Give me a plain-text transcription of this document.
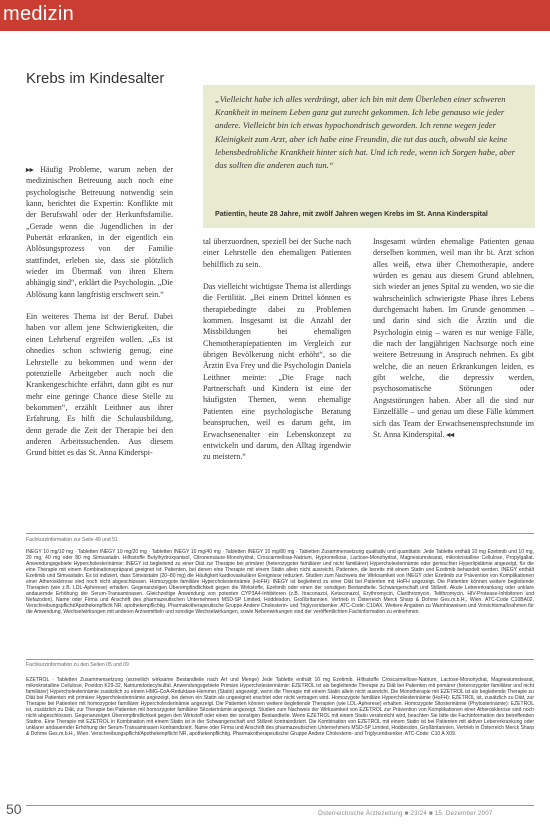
medizin
Krebs im Kindesalter
„Vielleicht habe ich alles verdrängt, aber ich bin mit dem Überleben einer schweren Krankheit in meinem Leben ganz gut zurecht gekommen. Ich lebe genauso wie jeder andere. Vielleicht bin ich etwas hypochondrisch geworden. Ich renne wegen jeder Kleinigkeit zum Arzt, aber ich habe eine Freundin, die tut das auch, obwohl sie keine lebensbedrohliche Krankheit hinter sich hat. Und ich rede, wenn ich Sorgen habe, aber das sollten die anderen auch tun.“
Patientin, heute 28 Jahre, mit zwölf Jahren wegen Krebs im St. Anna Kinderspital

▸▸ Häufig Probleme, warum neben der medizinischen Betreuung auch noch eine psychologische Betreuung notwendig sein kann, berichtet die Expertin: Konflikte mit der Berufswahl oder der Herkunftsfamilie. „Gerade wenn die Jugendlichen in der Pubertät erkranken, in der eigentlich ein Ablösungsprozess von der Familie stattfindet, erleben sie, dass sie plötzlich wieder im Übermaß von ihren Eltern abhängig sind“, erklärt die Psychologin. „Die Ablösung kann langfristig erschwert sein.“

Ein weiteres Thema ist der Beruf. Dabei haben vor allem jene Schwierigkeiten, die einen Lehrberuf ergreifen wollen. „Es ist ohnedies schon schwierig genug, eine Lehrstelle zu bekommen und wenn der potenzielle Arbeitgeber auch noch die Krankengeschichte erfährt, dann gibt es nur mehr eine geringe Chance diese Stelle zu bekommen“, erzählt Leithner aus ihrer Erfahrung. Es hilft die Schulausbildung, denn gerade die Zeit der Therapie bei den anderen Arbeitssuchenden. Aus diesem Grund bittet es das St. Anna Kinderspi-

tal überzuordnen, speziell bei der Suche nach einer Lehrstelle den ehemaligen Patienten behilflich zu sein.

Das vielleicht wichtigste Thema ist allerdings die Fertilität. „Bei einem Drittel können es therapiebedingte dabei zu Problemen kommen. Insgesamt ist die Anzahl der Missbildungen bei ehemaligen Chemotherapiepatienten im Vergleich zur übrigen Bevölkerung nicht erhöht“, so die Ärztin Eva Frey und die Psychologin Daniela Leithner meinte: „Die Frage nach Partnerschaft und Kindern ist eine der häufigsten Themen, wenn ehemalige Patienten eine psychologische Beratung beanspruchen, weil es darum geht, im Erwachsenenalter ein Lebenskonzept zu entwickeln und darum, den Alltag irgendwie zu meistern.“

Insgesamt würden ehemalige Patienten genau derselben kommen, weil man ihr bi. Arzt schon alles weiß, etwa über Chemotherapie, andere würden es genau aus diesem Grund ablehnen, sich wieder an jenes Spital zu wenden, wo sie die wahrscheinlich schwierigste Phase ihres Lebens durchgemacht haben. Im Grunde genommen – und darin sind sich die Ärztin und die Psychologin einig – waren es nur wenige Fälle, die nach der langjährigen Nachsorge noch eine weitere Betreuung in Anspruch nehmen. Es gibt welche, die an neuen Erkrankungen leiden, es gibt welche, die depressiv werden, psychosomatische Störungen oder Angststörungen haben. Aber all die sind nur Einzelfälle – und genau um diese Fälle kümmert sich das Team der Erwachsenensprechstunde im St. Anna Kinderspital. ◂◂

Fachkurzinformation zur Seite 49 und 51
INEGY 10 mg/10 mg · Tabletten INEGY 10 mg/20 mg · Tabletten INEGY 10 mg/40 mg · Tabletten INEGY 10 mg/80 mg · Tabletten Zusammensetzung qualitativ und quantitativ: Jede Tablette enthält 10 mg Ezetimib und 10 mg, 20 mg, 40 mg oder 80 mg Simvastatin. Hilfsstoffe Butylhydroxyanisol, Citronensäure-Monohydrat, Croscarmellose-Natrium, Hypromellose, Lactose-Monohydrat, Magnesiumstearat, mikrokristalline Cellulose, Propylgallat. Anwendungsgebiete Hypercholesterinämie: INEGY ist begleitend zu einer Diät zur Therapie bei primärer (heterozygoter familiärer und nicht familiärer) Hypercholesterinämie oder gemischter Hyperlipidämie angezeigt, für die eine Therapie mit einem Kombinationspräparat geeignet ist: Patienten, bei denen eine Therapie mit einem Statin allein nicht ausreicht, Patienten, die bereits mit einem Statin und Ezetimib behandelt werden. INEGY enthält Ezetimib und Simvastatin. Es ist indiziert, dass Simvastatin (20–80 mg) die Häufigkeit kardiovaskulärer Ereignisse reduziert. Studien zum Nachweis der Wirksamkeit von INEGY oder Ezetimib zur Prävention von Komplikationen einer Atherosklerose sind noch nicht abgeschlossen. Homozygote familiäre Hypercholesterinämie (HoFH): INEGY ist begleitend zu einer Diät bei Patienten mit HoFH angezeigt. Die Patienten können weitere begleitende Therapien (wie z.B. LDL-Apherese) erhalten. Gegenanzeigen Überempfindlichkeit gegen die Wirkstoffe, Ezetimib oder einen der sonstigen Bestandteile. Schwangerschaft und Stillzeit. Akute Lebererkrankung oder unklare andauernde Erhöhung der Serum-Transaminasen. Gleichzeitige Anwendung von potenten CYP3A4-Inhibitoren (z.B. Itraconazol, Ketoconazol, Erythromycin, Clarithromycin, Telithromycin, HIV-Protease-Inhibitoren und Nefazodon). Name oder Firma und Anschrift des pharmazeutischen Unternehmers MSD-SP Limited, Hoddesdon, Großbritannien. Vertrieb in Österreich Merck Sharp & Dohme Ges.m.b.H., Wien. ATC-Code C10BA02. Verschreibungspflicht/Apothekenpflicht NR, apothekenpflichtig. Pharmakotherapeutische Gruppe Andere Cholesterin- und Triglyceridsenker. ATC-Code: C10AX. Weitere Angaben zu Warnhinweisen und Vorsichtsmaßnahmen für die Anwendung, Wechselwirkungen mit anderen Arzneimitteln und sonstige Wechselwirkungen, sowie Nebenwirkungen sind der veröffentlichten Fachinformation zu entnehmen.
Fachkurzinformation zu den Seiten 05 und 09
EZETROL · Tabletten Zusammensetzung (arzneilich wirksame Bestandteile nach Art und Menge) Jede Tablette enthält 10 mg Ezetimib. Hilfsstoffe Croscarmellose-Natrium, Lactose-Monohydrat, Magnesiumstearat, mikrokristalline Cellulose, Povidon K29-32, Natriumdodecylsulfat. Anwendungsgebiete Primäre Hypercholesterinämie: EZETROL ist als begleitende Therapie zu Diät bei Patienten mit primärer (heterozygoter familiärer und nicht familiärer) Hypercholesterinämie zusätzlich zu einem HMG-CoA-Reduktase-Hemmer (Statin) angezeigt, wenn die Therapie mit einem Statin allein nicht ausreicht. Die Monotherapie mit EZETROL ist als begleitende Therapie zu Diät bei Patienten mit primärer Hypercholesterinämie angezeigt, bei denen ein Statin als ungeeignet erachtet oder nicht vertragen wird. Homozygote familiäre Hypercholesterinämie (HoFH): EZETROL ist, zusätzlich zu Diät, zur Therapie bei Patienten mit homozygoter familiärer Hypercholesterinämie angezeigt. Die Patienten können weitere begleitende Therapien (wie LDL-Apherese) erhalten. Homozygote Sitosterinämie (Phytosterinämie): EZETROL ist, zusätzlich zu Diät, zur Therapie bei Patienten mit homozygoter familiärer Sitosterinämie angezeigt. Studien zum Nachweis der Wirksamkeit von EZETROL zur Prävention von Komplikationen einer Atherosklerose sind noch nicht abgeschlossen. Gegenanzeigen Überempfindlichkeit gegen den Wirkstoff oder einen der sonstigen Bestandteile. Wenn EZETROL mit einem Statin verabreicht wird, beachten Sie bitte die Fachinformation des betreffenden Statins. Eine Therapie mit EZETROL in Kombination mit einem Statin ist in der Schwangerschaft und Stillzeit kontraindiziert. Die Kombination von EZETROL mit einem Statin ist bei Patienten mit aktiver Lebererkrankung oder unklarer andauernder Erhöhung der Serum-Transaminasen kontraindiziert. Name oder Firma und Anschrift des pharmazeutischen Unternehmers MSD-SP Limited, Hoddesdon, Großbritannien. Vertrieb in Österreich Merck Sharp & Dohme Ges.m.b.H., Wien. Verschreibungspflicht/Apothekenpflicht NR, apothekenpflichtig. Pharmakotherapeutische Gruppe Andere Cholesterin- und Triglyceridsenker. ATC-Code: C10 A X09.
50	Österreichische Ärztezeitung ■ 23/24 ■ 15. Dezember 2007
